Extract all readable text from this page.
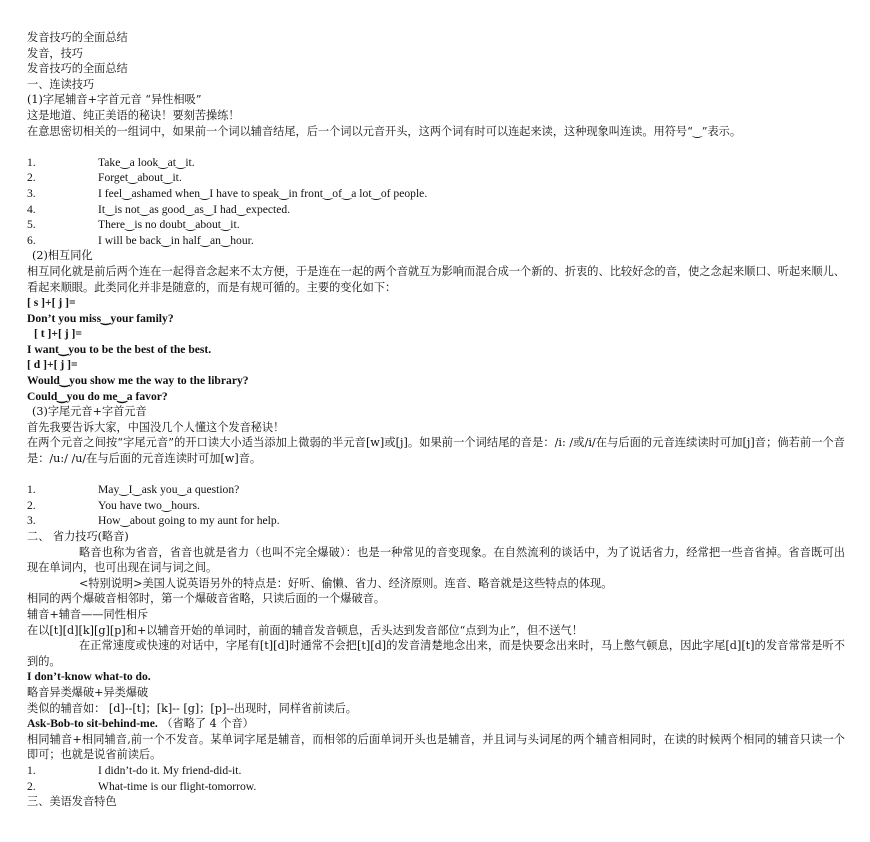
发音技巧的全面总结
发音，技巧
发音技巧的全面总结
一、连读技巧
(1)字尾辅音+字首元音 “异性相吸”
这是地道、纯正美语的秘诀！要刻苦操练！
在意思密切相关的一组词中，如果前一个词以辅音结尾，后一个词以元音开头，这两个词有时可以连起来读，这种现象叫连读。用符号“‿”表示。
1.	Take‿a look‿at‿it.
2.	Forget‿about‿it.
3.	I feel‿ashamed when‿I have to speak‿in front‿of‿a lot‿of people.
4.	It‿is not‿as good‿as‿I had‿expected.
5.	There‿is no doubt‿about‿it.
6.	I will be back‿in half‿an‿hour.
(2)相互同化
相互同化就是前后两个连在一起得音念起来不太方便，于是连在一起的两个音就互为影响而混合成一个新的、折衷的、比较好念的音，使之念起来顺口、听起来顺儿、看起来顺眼。此类同化并非是随意的，而是有规可循的。主要的变化如下：
[ s ]+[ j ]=
Don’t you miss‿your family?
[ t ]+[ j ]=
I want‿you to be the best of the best.
[ d ]+[ j ]=
Would‿you show me the way to the library?
Could‿you do me‿a favor?
(3)字尾元音+字首元音
首先我要告诉大家，中国没几个人懂这个发音秘诀！
在两个元音之间按“字尾元音”的开口读大小适当添加上微弱的半元音[w]或[j]。如果前一个词结尾的音是：/i: /或/i/在与后面的元音连续读时可加[j]音；倘若前一个音是：/u:/ /u/在与后面的元音连读时可加[w]音。
1.	May‿I‿ask you‿a question?
2.	You have two‿hours.
3.	How‿about going to my aunt for help.
二、 省力技巧(略音)
略音也称为省音，省音也就是省力（也叫不完全爆破）：也是一种常见的音变现象。在自然流利的谈话中，为了说话省力，经常把一些音省掉。省音既可出现在单词内，也可出现在词与词之间。
<特别说明>美国人说英语另外的特点是：好听、偷懒、省力、经济原则。连音、略音就是这些特点的体现。
相同的两个爆破音相邻时，第一个爆破音省略，只读后面的一个爆破音。
辅音+辅音——同性相斥
在以[t][d][k][g][p]和+以辅音开始的单词时，前面的辅音发音顿息，舌头达到发音部位“点到为止”，但不送气！
在正常速度或快速的对话中，字尾有[t][d]时通常不会把[t][d]的发音清楚地念出来，而是快要念出来时，马上憋气顿息，因此字尾[d][t]的发音常常是听不到的。
I don’t-know what-to do.
略音异类爆破+异类爆破
类似的辅音如： [d]--[t]；[k]-- [g]；[p]--出现时，同样省前读后。
Ask-Bob-to sit-behind-me. （省略了 4 个音）
相同辅音+相同辅音,前一个不发音。某单词字尾是辅音，而相邻的后面单词开头也是辅音，并且词与头词尾的两个辅音相同时，在读的时候两个相同的辅音只读一个即可；也就是说省前读后。
1.	I didn’t-do it. My friend-did-it.
2.	What-time is our flight-tomorrow.
三、美语发音特色
